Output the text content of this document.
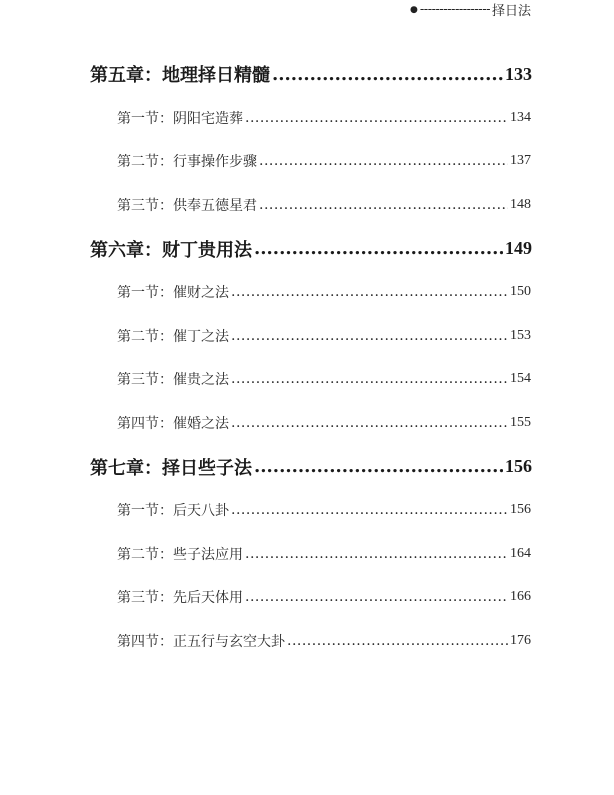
● ------------------ 择日法
第五章：地理择日精髓 .....	133
第一节：阴阳宅造葬 .....	134
第二节：行事操作步骤 .....	137
第三节：供奉五德星君 .....	148
第六章：财丁贵用法 .....	149
第一节：催财之法 .....	150
第二节：催丁之法 .....	153
第三节：催贵之法 .....	154
第四节：催婚之法 .....	155
第七章：择日些子法 .....	156
第一节：后天八卦 .....	156
第二节：些子法应用 .....	164
第三节：先后天体用 .....	166
第四节：正五行与玄空大卦 .....	176
